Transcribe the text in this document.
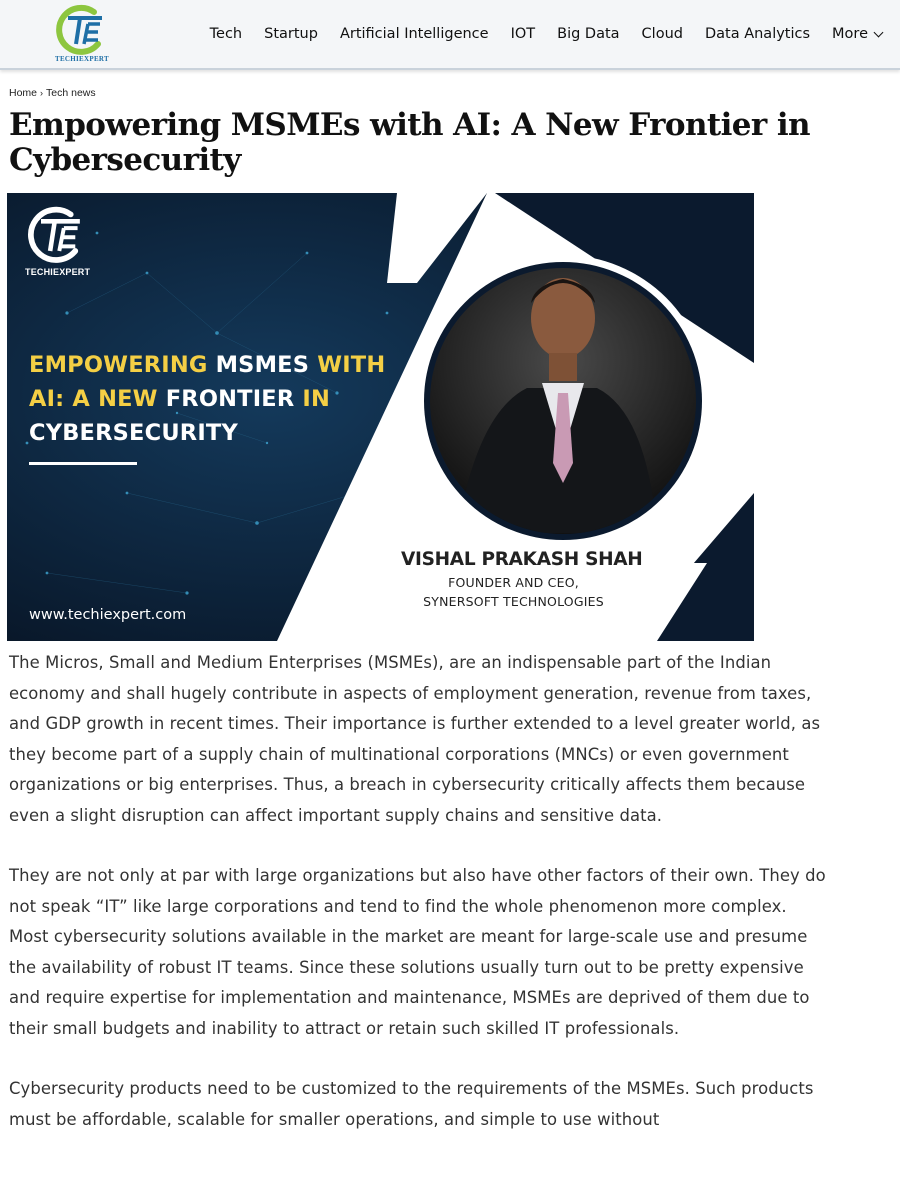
TECHIEXPERT
Tech Startup Artificial Intelligence IOT Big Data Cloud Data Analytics More
Home › Tech news
Empowering MSMEs with AI: A New Frontier in Cybersecurity
TECHIEXPERT
EMPOWERING MSMES WITH
AI: A NEW FRONTIER IN
CYBERSECURITY
VISHAL PRAKASH SHAH
FOUNDER AND CEO,
SYNERSOFT TECHNOLOGIES
www.techiexpert.com

The Micros, Small and Medium Enterprises (MSMEs), are an indispensable part of the Indian economy and shall hugely contribute in aspects of employment generation, revenue from taxes, and GDP growth in recent times. Their importance is further extended to a level greater world, as they become part of a supply chain of multinational corporations (MNCs) or even government organizations or big enterprises. Thus, a breach in cybersecurity critically affects them because even a slight disruption can affect important supply chains and sensitive data.

They are not only at par with large organizations but also have other factors of their own. They do not speak “IT” like large corporations and tend to find the whole phenomenon more complex. Most cybersecurity solutions available in the market are meant for large-scale use and presume the availability of robust IT teams. Since these solutions usually turn out to be pretty expensive and require expertise for implementation and maintenance, MSMEs are deprived of them due to their small budgets and inability to attract or retain such skilled IT professionals.

Cybersecurity products need to be customized to the requirements of the MSMEs. Such products must be affordable, scalable for smaller operations, and simple to use without
